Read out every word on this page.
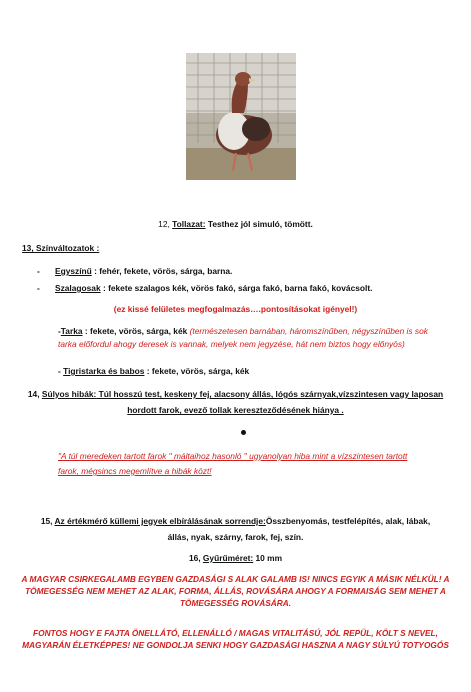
12, Tollazat: Testhez jól simuló, tömött.
13, Színváltozatok :
- Egyszínű : fehér, fekete, vörös, sárga, barna.
- Szalagosak : fekete szalagos kék, vörös fakó, sárga fakó, barna fakó, kovácsolt.
(ez kissé felületes megfogalmazás….pontosításokat igényel!)
-Tarka : fekete, vörös, sárga, kék (természetesen barnában, háromszínűben, négyszínűben is sok
tarka előfordul ahogy deresek is vannak, melyek nem jegyzése, hát nem biztos hogy előnyös)
- Tigristarka és babos : fekete, vörös, sárga, kék
14, Súlyos hibák: Túl hosszú test, keskeny fej, alacsony állás, lógós szárnyak,vízszintesen vagy laposan
hordott farok, evező tollak kereszteződésének hiánya .
"A túl meredeken tartott farok " máltaihoz hasonló " ugyanolyan hiba mint a vízszintesen tartott
farok, mégsincs megemlítve a hibák közt!
15, Az értékmérő küllemi jegyek elbírálásának sorrendje:Összbenyomás, testfelépítés, alak, lábak,
állás, nyak, szárny, farok, fej, szín.
16, Gyűrűméret: 10 mm
A MAGYAR CSIRKEGALAMB EGYBEN GAZDASÁGI S ALAK GALAMB IS! NINCS EGYIK A MÁSIK NÉLKÜL! A
TÖMEGESSÉG NEM MEHET AZ ALAK, FORMA, ÁLLÁS, ROVÁSÁRA AHOGY A FORMAISÁG SEM MEHET A
TÖMEGESSÉG ROVÁSÁRA.
FONTOS HOGY E FAJTA ÖNELLÁTÓ, ELLENÁLLÓ / MAGAS VITALITÁSÚ, JÓL REPÜL, KÖLT S NEVEL,
MAGYARÁN ÉLETKÉPPES! NE GONDOLJA SENKI HOGY GAZDASÁGI HASZNA A NAGY SÚLYÚ TOTYOGÓS
